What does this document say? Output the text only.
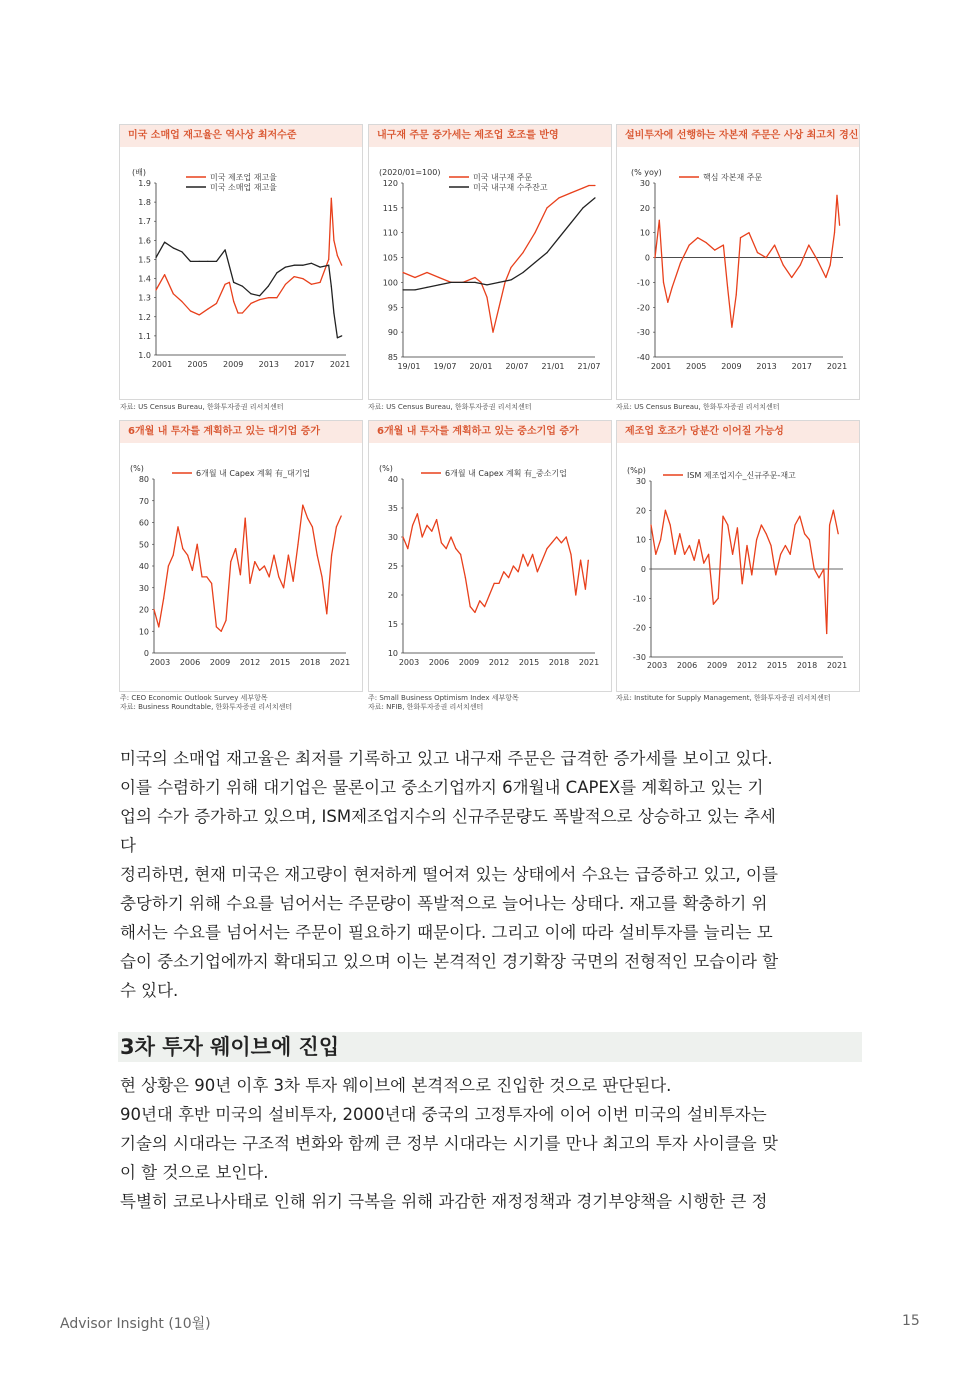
미국 소매업 재고율은 역사상 최저수준
(배)
1.9
1.8
1.7
1.6
1.5
1.4
1.3
1.2
1.1
1.0
2001 2005 2009 2013 2017 2021
미국 제조업 재고율
미국 소매업 재고율
내구재 주문 증가세는 제조업 호조를 반영
(2020/01=100)
120
115
110
105
100
95
90
85
19/01 19/07 20/01 20/07 21/01 21/07
미국 내구재 주문
미국 내구재 수주잔고
설비투자에 선행하는 자본재 주문은 사상 최고치 경신
(% yoy)
30
20
10
0
-10
-20
-30
-40
2001 2005 2009 2013 2017 2021
핵심 자본재 주문
자료: US Census Bureau, 한화투자증권 리서치센터	자료: US Census Bureau, 한화투자증권 리서치센터	자료: US Census Bureau, 한화투자증권 리서치센터
6개월 내 투자를 계획하고 있는 대기업 증가
(%)
80
70
60
50
40
30
20
10
0
2003 2006 2009 2012 2015 2018 2021
6개월 내 Capex 계획 有_대기업
6개월 내 투자를 계획하고 있는 중소기업 증가
(%)
40
35
30
25
20
15
10
2003 2006 2009 2012 2015 2018 2021
6개월 내 Capex 계획 有_중소기업
제조업 호조가 당분간 이어질 가능성
(%p)
30
20
10
0
-10
-20
-30
2003 2006 2009 2012 2015 2018 2021
ISM 제조업지수_신규주문-재고
주: CEO Economic Outlook Survey 세부항목
자료: Business Roundtable, 한화투자증권 리서치센터
주: Small Business Optimism Index 세부항목
자료: NFIB, 한화투자증권 리서치센터
자료: Institute for Supply Management, 한화투자증권 리서치센터

미국의 소매업 재고율은 최저를 기록하고 있고 내구재 주문은 급격한 증가세를 보이고 있다.

이를 수렴하기 위해 대기업은 물론이고 중소기업까지 6개월내 CAPEX를 계획하고 있는 기

업의 수가 증가하고 있으며, ISM제조업지수의 신규주문량도 폭발적으로 상승하고 있는 추세

다

정리하면, 현재 미국은 재고량이 현저하게 떨어져 있는 상태에서 수요는 급증하고 있고, 이를

충당하기 위해 수요를 넘어서는 주문량이 폭발적으로 늘어나는 상태다. 재고를 확충하기 위

해서는 수요를 넘어서는 주문이 필요하기 때문이다. 그리고 이에 따라 설비투자를 늘리는 모

습이 중소기업에까지 확대되고 있으며 이는 본격적인 경기확장 국면의 전형적인 모습이라 할

수 있다.

3차 투자 웨이브에 진입

현 상황은 90년 이후 3차 투자 웨이브에 본격적으로 진입한 것으로 판단된다.

90년대 후반 미국의 설비투자, 2000년대 중국의 고정투자에 이어 이번 미국의 설비투자는

기술의 시대라는 구조적 변화와 함께 큰 정부 시대라는 시기를 만나 최고의 투자 사이클을 맞

이 할 것으로 보인다.

특별히 코로나사태로 인해 위기 극복을 위해 과감한 재정정책과 경기부양책을 시행한 큰 정

Advisor Insight (10월)	15
